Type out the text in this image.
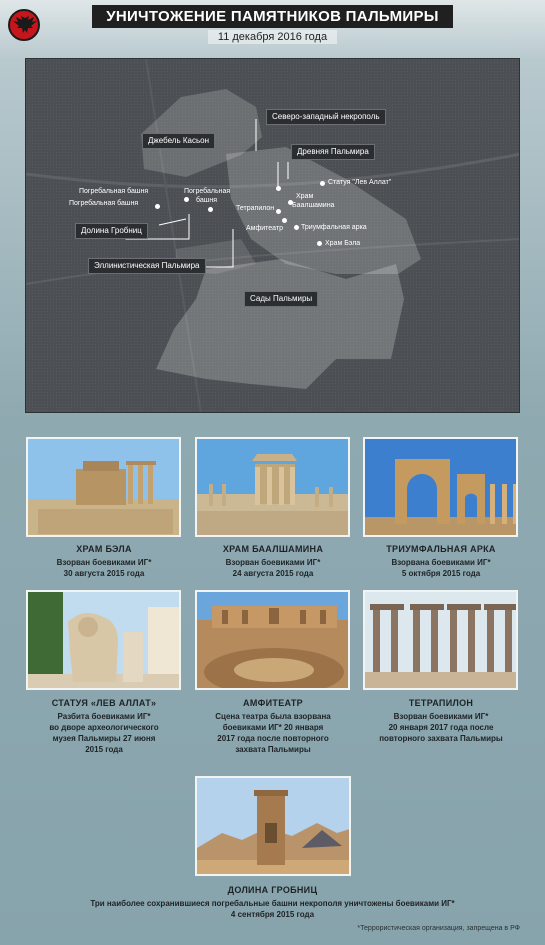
УНИЧТОЖЕНИЕ ПАМЯТНИКОВ ПАЛЬМИРЫ
11 декабря 2016 года
Северо-западный некрополь
Джебель Касьон
Древняя Пальмира
Статуя "Лев Аллат"
Погребальная башня
Погребальная башня
Погребальная
башня
Храм
Баалшамина
Тетрапилон
Амфитеатр	Триумфальная арка
Храм Бэла
Долина Гробниц
Эллинистическая Пальмира
Сады Пальмиры
ХРАМ БЭЛА
Взорван боевиками ИГ*
30 августа 2015 года
ХРАМ БААЛШАМИНА
Взорван боевиками ИГ*
24 августа 2015 года
ТРИУМФАЛЬНАЯ АРКА
Взорвана боевиками ИГ*
5 октября 2015 года
СТАТУЯ «ЛЕВ АЛЛАТ»
Разбита боевиками ИГ*
во дворе археологического
музея Пальмиры 27 июня
2015 года
АМФИТЕАТР
Сцена театра была взорвана
боевиками ИГ* 20 января
2017 года после повторного
захвата Пальмиры
ТЕТРАПИЛОН
Взорван боевиками ИГ*
20 января 2017 года после
повторного захвата Пальмиры
ДОЛИНА ГРОБНИЦ
Три наиболее сохранившиеся погребальные башни некрополя уничтожены боевиками ИГ*
4 сентября 2015 года
*Террористическая организация, запрещена в РФ
